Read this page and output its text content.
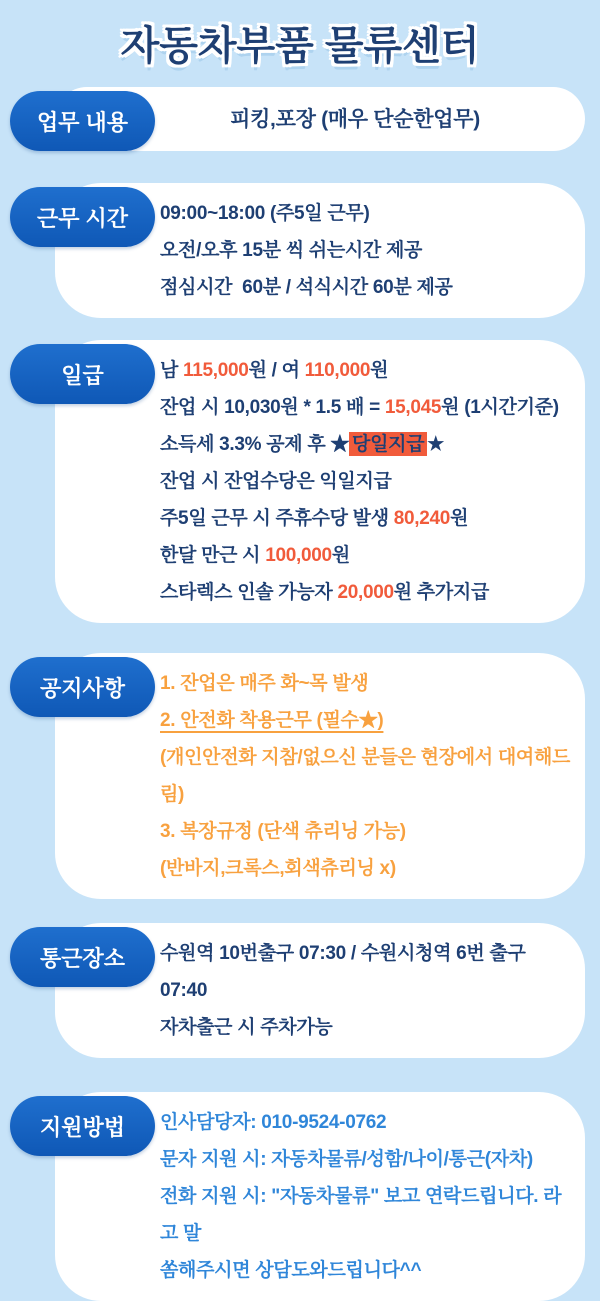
자동차부품 물류센터
업무 내용	피킹,포장 (매우 단순한업무)
근무 시간	09:00~18:00 (주5일 근무)
오전/오후 15분 씩 쉬는시간 제공
점심시간  60분 / 석식시간 60분 제공
일급	남 115,000원 / 여 110,000원
잔업 시 10,030원 * 1.5 배 = 15,045원 (1시간기준)
소득세 3.3% 공제 후 ★ 당일지급 ★
잔업 시 잔업수당은 익일지급
주5일 근무 시 주휴수당 발생 80,240원
한달 만근 시 100,000원
스타렉스 인솔 가능자 20,000원 추가지급
공지사항	1. 잔업은 매주 화~목 발생
2. 안전화 착용근무 (필수★)
(개인안전화 지참/없으신 분들은 현장에서 대여해드림)
3. 복장규정 (단색 츄리닝 가능)
(반바지,크록스,회색츄리닝 x)
통근장소	수원역 10번출구 07:30 / 수원시청역 6번 출구 07:40
자차출근 시 주차가능
지원방법	인사담당자: 010-9524-0762
문자 지원 시: 자동차물류/성함/나이/통근(자차)
전화 지원 시: "자동차물류" 보고 연락드립니다. 라고 말
쏨해주시면 상담도와드립니다^^
